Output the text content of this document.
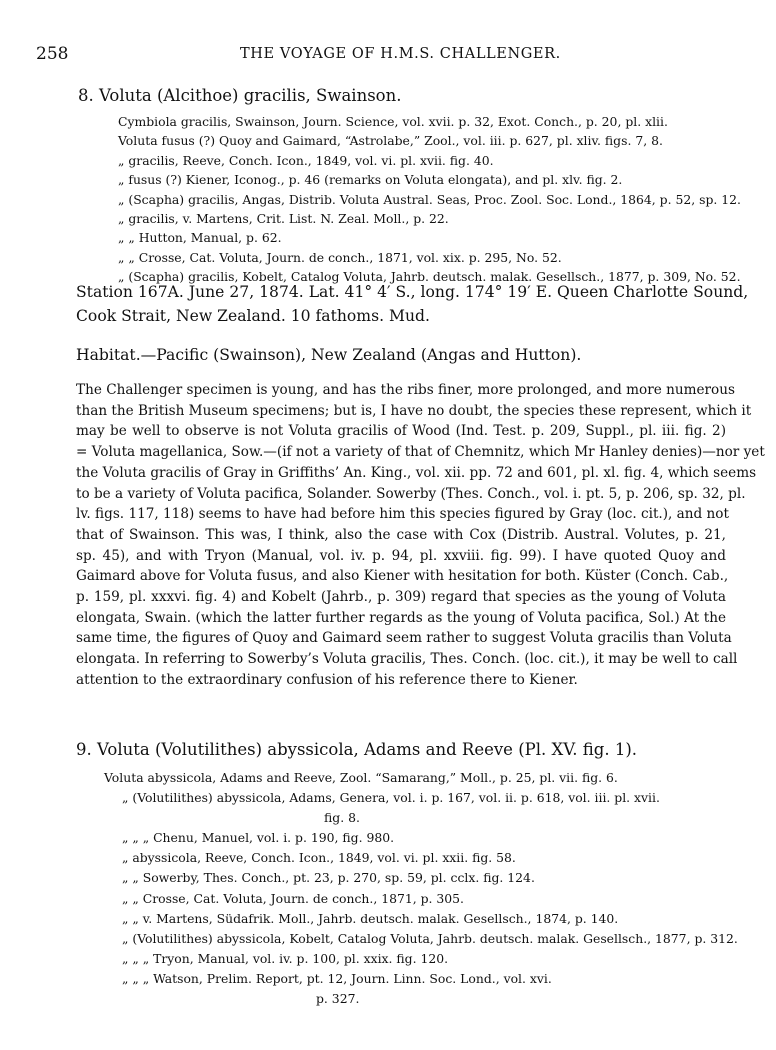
258	THE VOYAGE OF H.M.S. CHALLENGER.
8. Voluta (Alcithoe) gracilis, Swainson.
Cymbiola gracilis, Swainson, Journ. Science, vol. xvii. p. 32, Exot. Conch., p. 20, pl. xlii.
Voluta fusus (?) Quoy and Gaimard, “Astrolabe,” Zool., vol. iii. p. 627, pl. xliv. figs. 7, 8.
„ gracilis, Reeve, Conch. Icon., 1849, vol. vi. pl. xvii. fig. 40.
„ fusus (?) Kiener, Iconog., p. 46 (remarks on Voluta elongata), and pl. xlv. fig. 2.
„ (Scapha) gracilis, Angas, Distrib. Voluta Austral. Seas, Proc. Zool. Soc. Lond., 1864, p. 52, sp. 12.
„ gracilis, v. Martens, Crit. List. N. Zeal. Moll., p. 22.
„ „ Hutton, Manual, p. 62.
„ „ Crosse, Cat. Voluta, Journ. de conch., 1871, vol. xix. p. 295, No. 52.
„ (Scapha) gracilis, Kobelt, Catalog Voluta, Jahrb. deutsch. malak. Gesellsch., 1877, p. 309, No. 52.
Station 167A. June 27, 1874. Lat. 41° 4′ S., long. 174° 19′ E. Queen Charlotte Sound, Cook Strait, New Zealand. 10 fathoms. Mud.
Habitat.—Pacific (Swainson), New Zealand (Angas and Hutton).

The Challenger specimen is young, and has the ribs finer, more prolonged, and more numerous
than the British Museum specimens; but is, I have no doubt, the species these represent, which it
may be well to observe is not Voluta gracilis of Wood (Ind. Test. p. 209, Suppl., pl. iii. fig. 2)
= Voluta magellanica, Sow.—(if not a variety of that of Chemnitz, which Mr Hanley denies)—nor yet
the Voluta gracilis of Gray in Griffiths’ An. King., vol. xii. pp. 72 and 601, pl. xl. fig. 4, which seems
to be a variety of Voluta pacifica, Solander. Sowerby (Thes. Conch., vol. i. pt. 5, p. 206, sp. 32, pl.
lv. figs. 117, 118) seems to have had before him this species figured by Gray (loc. cit.), and not
that of Swainson. This was, I think, also the case with Cox (Distrib. Austral. Volutes, p. 21,
sp. 45), and with Tryon (Manual, vol. iv. p. 94, pl. xxviii. fig. 99). I have quoted Quoy and
Gaimard above for Voluta fusus, and also Kiener with hesitation for both. Küster (Conch. Cab.,
p. 159, pl. xxxvi. fig. 4) and Kobelt (Jahrb., p. 309) regard that species as the young of Voluta
elongata, Swain. (which the latter further regards as the young of Voluta pacifica, Sol.) At the
same time, the figures of Quoy and Gaimard seem rather to suggest Voluta gracilis than Voluta
elongata. In referring to Sowerby’s Voluta gracilis, Thes. Conch. (loc. cit.), it may be well to call
attention to the extraordinary confusion of his reference there to Kiener.

9. Voluta (Volutilithes) abyssicola, Adams and Reeve (Pl. XV. fig. 1).
Voluta abyssicola, Adams and Reeve, Zool. “Samarang,” Moll., p. 25, pl. vii. fig. 6.
„ (Volutilithes) abyssicola, Adams, Genera, vol. i. p. 167, vol. ii. p. 618, vol. iii. pl. xvii.
fig. 8.
„ „ „ Chenu, Manuel, vol. i. p. 190, fig. 980.
„ abyssicola, Reeve, Conch. Icon., 1849, vol. vi. pl. xxii. fig. 58.
„ „ Sowerby, Thes. Conch., pt. 23, p. 270, sp. 59, pl. cclx. fig. 124.
„ „ Crosse, Cat. Voluta, Journ. de conch., 1871, p. 305.
„ „ v. Martens, Südafrik. Moll., Jahrb. deutsch. malak. Gesellsch., 1874, p. 140.
„ (Volutilithes) abyssicola, Kobelt, Catalog Voluta, Jahrb. deutsch. malak. Gesellsch., 1877, p. 312.
„ „ „ Tryon, Manual, vol. iv. p. 100, pl. xxix. fig. 120.
„ „ „ Watson, Prelim. Report, pt. 12, Journ. Linn. Soc. Lond., vol. xvi.
p. 327.
